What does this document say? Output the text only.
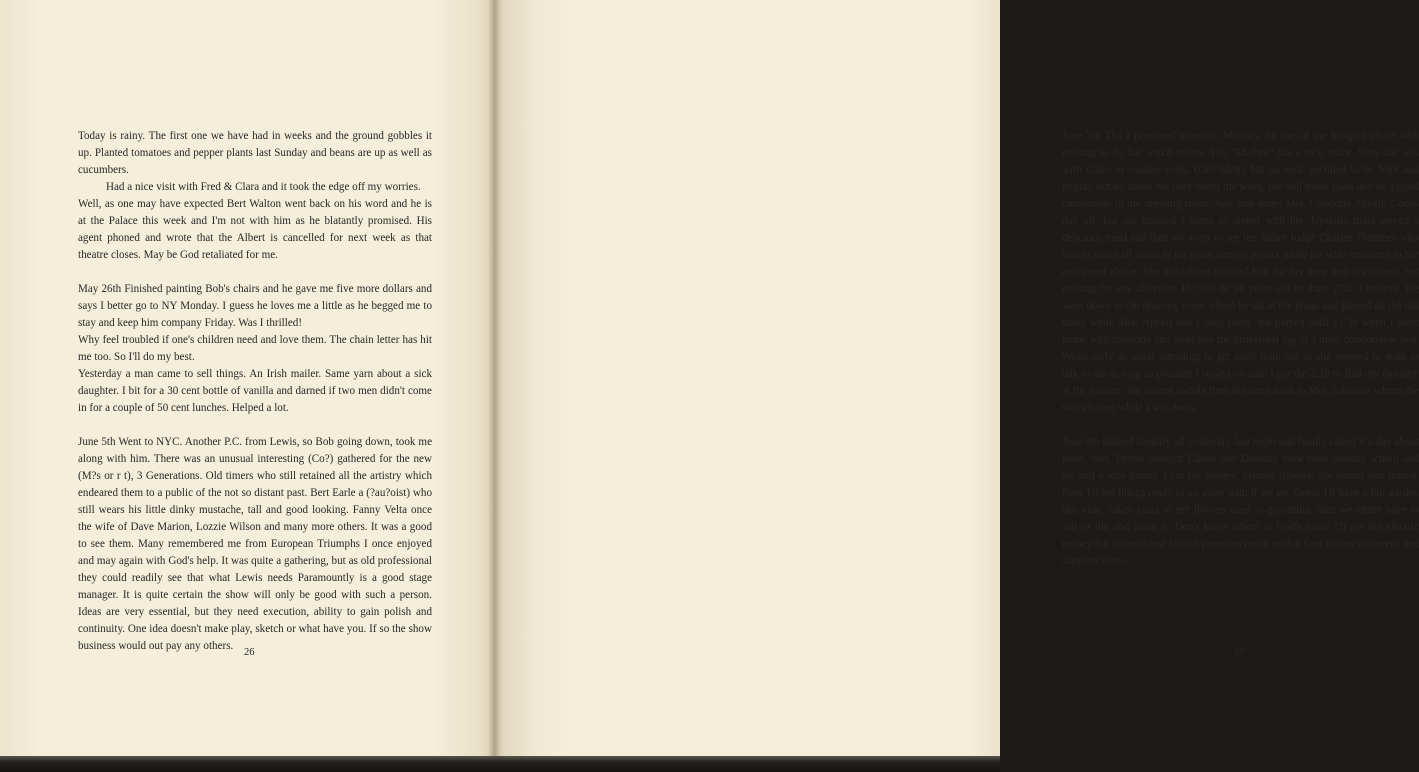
Today is rainy. The first one we have had in weeks and the ground gobbles it up. Planted tomatoes and pepper plants last Sunday and beans are up as well as cucumbers.

Had a nice visit with Fred & Clara and it took the edge off my worries.

Well, as one may have expected Bert Walton went back on his word and he is at the Palace this week and I'm not with him as he blatantly promised. His agent phoned and wrote that the Albert is cancelled for next week as that theatre closes. May be God retaliated for me.

May 26th Finished painting Bob's chairs and he gave me five more dollars and says I better go to NY Monday. I guess he loves me a little as he begged me to stay and keep him company Friday. Was I thrilled!

Why feel troubled if one's children need and love them. The chain letter has hit me too. So I'll do my best.

Yesterday a man came to sell things. An Irish mailer. Same yarn about a sick daughter. I bit for a 30 cent bottle of vanilla and darned if two men didn't come in for a couple of 50 cent lunches. Helped a lot.

June 5th Went to NYC. Another P.C. from Lewis, so Bob going down, took me along with him. There was an unusual interesting (Co?) gathered for the new (M?s or r t), 3 Generations. Old timers who still retained all the artistry which endeared them to a public of the not so distant past. Bert Earle a (?au?oist) who still wears his little dinky mustache, tall and good looking. Fanny Velta once the wife of Dave Marion, Lozzie Wilson and many more others. It was a good to see them. Many remembered me from European Triumphs I once enjoyed and may again with God's help. It was quite a gathering, but as old professional they could readily see that what Lewis needs Paramountly is a good stage manager. It is quite certain the show will only be good with such a person. Ideas are very essential, but they need execution, ability to gain polish and continuity. One idea doesn't make play, sketch or what have you. If so the show business would out pay any others.

26

June 7th Thu I promised to return Monday, no use of me hanging about with nothing to do but watch others. The “Mother” has a nice voice. Says she was with Gallo in smaller roles, (Gu??ul/ty) but no soul. Inclined to be high and mighty but no doubt not only needs the work, but will make good and be a good companion in the dressing room. Saw that angel Mrs. Charlotte Appell. Cooks day off, but she insisted I come to dinner with her. Upstairs maid served a delicious meal and then we went to see her father Judge Charles Flammer who was as usual all alone in his room sorting papers while his wife remained in her apartment above. She must have married him for her keep and his money, but nothing for any affection. He will be 90 years old on June 27th, I believe. We went down to the drawing room where he sat at the piano and played all the old tunes while Mrs. Appell and I sang them. We played until 11:30 when I went home with charlotte and slept like the proverbial log in a most comfortable bed. Woke early as usual intending to get early train but as she seemed to want to talk to me as long as possible I stayed on until I got the 2:10 to find my Dorothy at the Station. We waited awhile then she went back to Mrs. Edwards where she was visiting while I was away.

June 9th Rained steadily all yesterday, last night and finally called it a day about noon. Mrs. Ferber brought Elmon and Dorothy back from Sunday school and we had a nice dinner. I cut the hedges, planted flowers, got dinner and ironed. Now I'll get things ready to go away with if we go. Guess I'll have a fair garden this year. Takes years to get flowers used to grooming, then we either have to sell or die and leave it. Don't know where in God's name I'll get the electric money but Science and Health promises much as that God knows our needs and supplies them.

27
